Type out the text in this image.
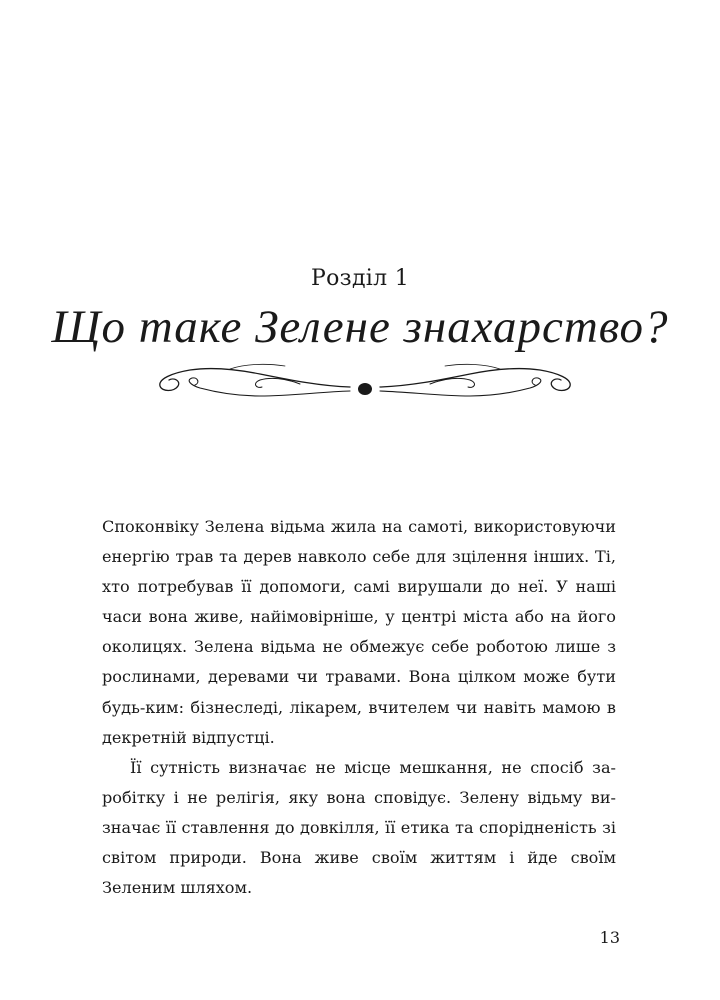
Розділ 1
Що таке Зелене знахарство?

Споконвіку Зелена відьма жила на самоті, використовуючи енергію трав та дерев навколо себе для зцілення інших. Ті, хто потребував її допомоги, самі вирушали до неї. У наші часи вона живе, найімовірніше, у центрі міста або на його околицях. Зелена відьма не обмежує себе роботою лише з рослинами, деревами чи травами. Вона цілком може бути будь-ким: бізнеследі, лікарем, вчителем чи навіть мамою в декретній відпустці.

Її сутність визначає не місце мешкання, не спосіб заробітку і не релігія, яку вона сповідує. Зелену відьму визначає її ставлення до довкілля, її етика та спорідненість зі світом природи. Вона живе своїм життям і йде своїм Зеленим шляхом.

13
